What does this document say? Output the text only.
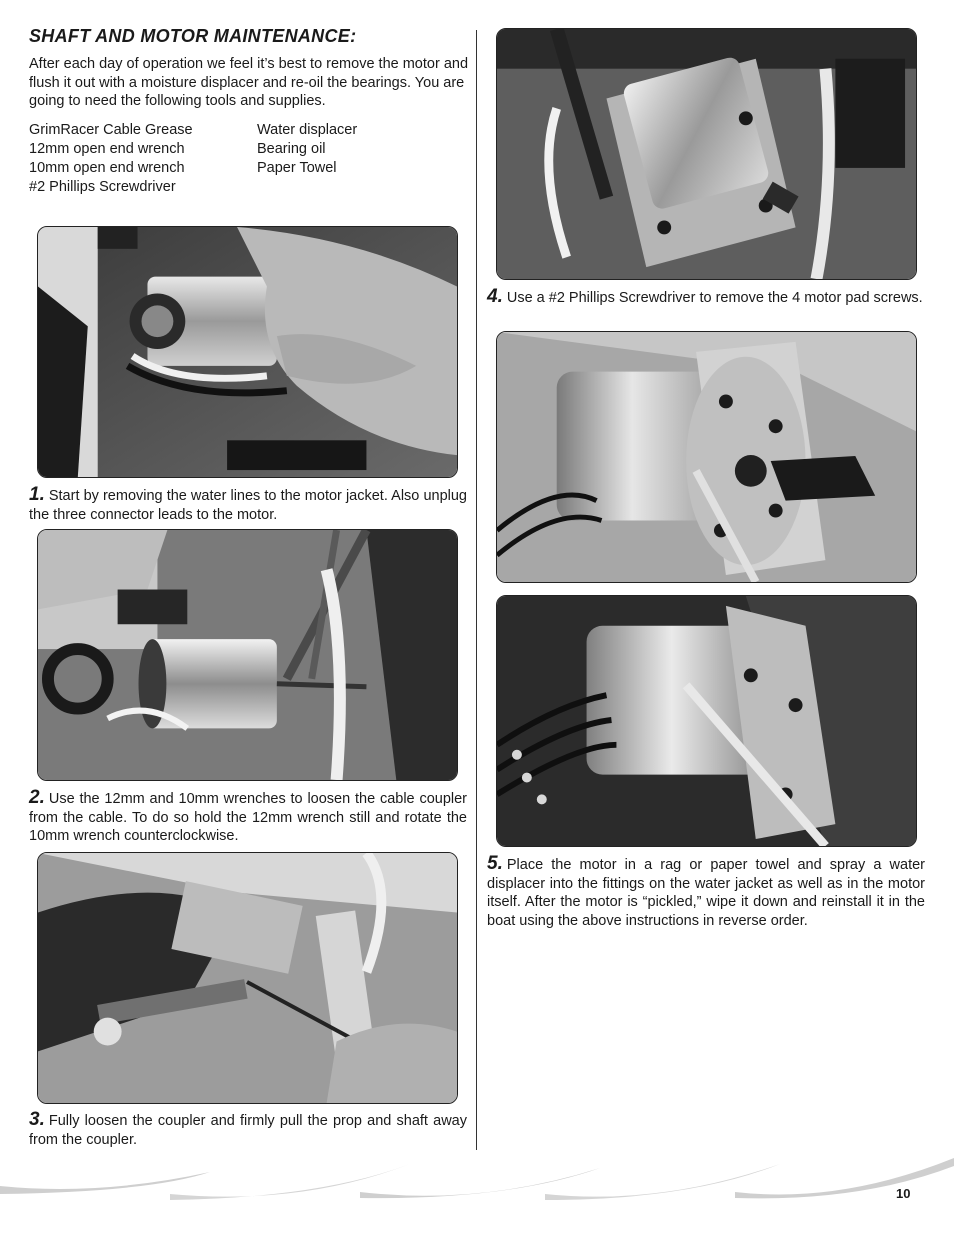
SHAFT AND MOTOR MAINTENANCE:

After each day of operation we feel it’s best to remove the motor and flush it out with a moisture displacer and re-oil the bearings. You are going to need the following tools and supplies.

GrimRacer Cable Grease
12mm open end wrench
10mm open end wrench
#2 Phillips Screwdriver
Water displacer
Bearing oil
Paper Towel

1. Start by removing the water lines to the motor jacket. Also unplug the three connector leads to the motor.

2. Use the 12mm and 10mm wrenches to loosen the cable coupler from the cable. To do so hold the 12mm wrench still and rotate the 10mm wrench counterclockwise.

3. Fully loosen the coupler and firmly pull the prop and shaft away from the coupler.

4. Use a #2 Phillips Screwdriver to remove the 4 motor pad screws.

5. Place the motor in a rag or paper towel and spray a water displacer into the fittings on the water jacket as well as in the motor itself. After the motor is “pickled,” wipe it down and reinstall it in the boat using the above instructions in reverse order.

10
